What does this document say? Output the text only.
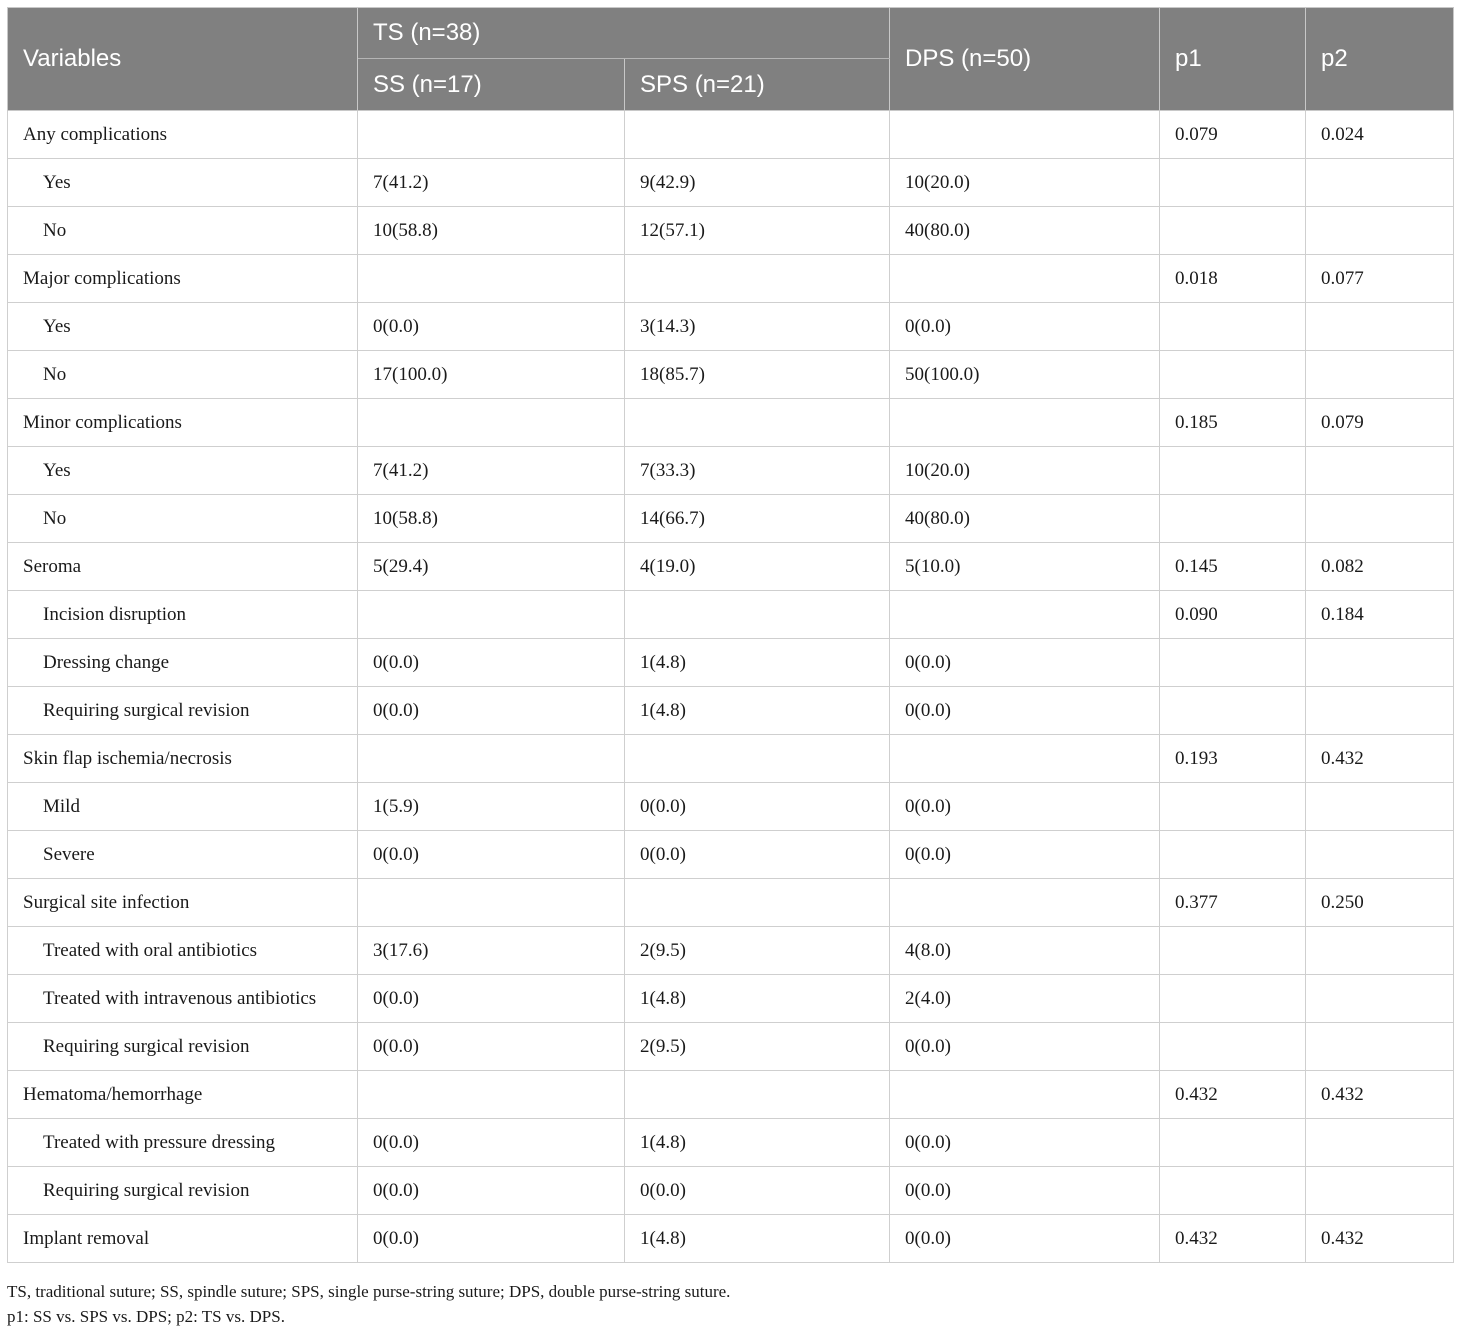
Variables	TS (n=38)		DPS (n=50)	p1	p2
	SS (n=17)	SPS (n=21)			
Any complications				0.079	0.024
Yes	7(41.2)	9(42.9)	10(20.0)		
No	10(58.8)	12(57.1)	40(80.0)		
Major complications				0.018	0.077
Yes	0(0.0)	3(14.3)	0(0.0)		
No	17(100.0)	18(85.7)	50(100.0)		
Minor complications				0.185	0.079
Yes	7(41.2)	7(33.3)	10(20.0)		
No	10(58.8)	14(66.7)	40(80.0)		
Seroma	5(29.4)	4(19.0)	5(10.0)	0.145	0.082
Incision disruption				0.090	0.184
Dressing change	0(0.0)	1(4.8)	0(0.0)		
Requiring surgical revision	0(0.0)	1(4.8)	0(0.0)		
Skin flap ischemia/necrosis				0.193	0.432
Mild	1(5.9)	0(0.0)	0(0.0)		
Severe	0(0.0)	0(0.0)	0(0.0)		
Surgical site infection				0.377	0.250
Treated with oral antibiotics	3(17.6)	2(9.5)	4(8.0)		
Treated with intravenous antibiotics	0(0.0)	1(4.8)	2(4.0)		
Requiring surgical revision	0(0.0)	2(9.5)	0(0.0)		
Hematoma/hemorrhage				0.432	0.432
Treated with pressure dressing	0(0.0)	1(4.8)	0(0.0)		
Requiring surgical revision	0(0.0)	0(0.0)	0(0.0)		
Implant removal	0(0.0)	1(4.8)	0(0.0)	0.432	0.432
TS, traditional suture; SS, spindle suture; SPS, single purse-string suture; DPS, double purse-string suture.
p1: SS vs. SPS vs. DPS; p2: TS vs. DPS.
